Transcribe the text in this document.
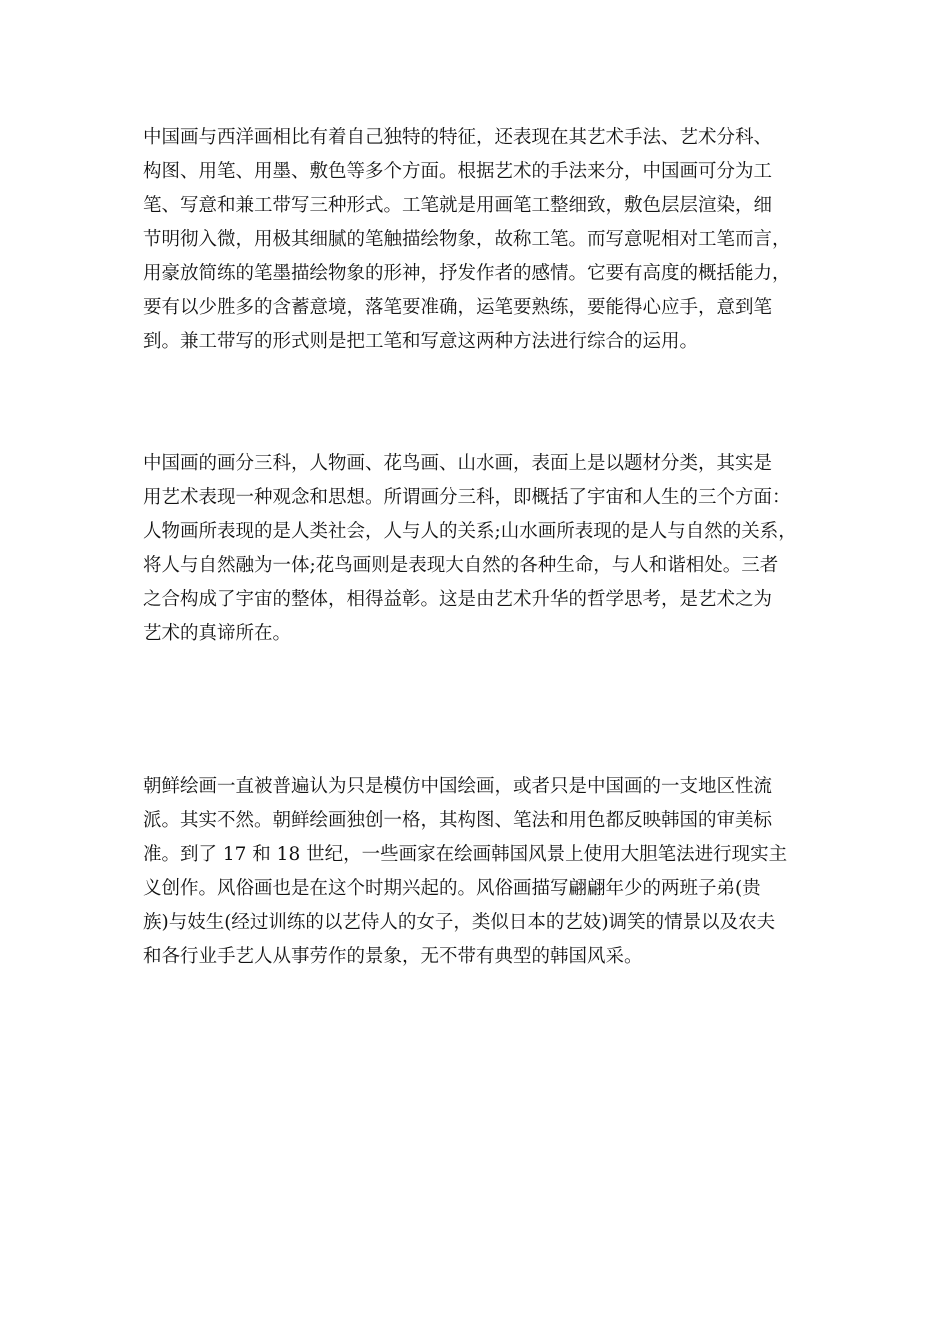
中国画与西洋画相比有着自己独特的特征，还表现在其艺术手法、艺术分科、
构图、用笔、用墨、敷色等多个方面。根据艺术的手法来分，中国画可分为工
笔、写意和兼工带写三种形式。工笔就是用画笔工整细致，敷色层层渲染，细
节明彻入微，用极其细腻的笔触描绘物象，故称工笔。而写意呢相对工笔而言，
用豪放简练的笔墨描绘物象的形神，抒发作者的感情。它要有高度的概括能力，
要有以少胜多的含蓄意境，落笔要准确，运笔要熟练，要能得心应手，意到笔
到。兼工带写的形式则是把工笔和写意这两种方法进行综合的运用。
中国画的画分三科，人物画、花鸟画、山水画，表面上是以题材分类，其实是
用艺术表现一种观念和思想。所谓画分三科，即概括了宇宙和人生的三个方面：
人物画所表现的是人类社会，人与人的关系;山水画所表现的是人与自然的关系，
将人与自然融为一体;花鸟画则是表现大自然的各种生命，与人和谐相处。三者
之合构成了宇宙的整体，相得益彰。这是由艺术升华的哲学思考，是艺术之为
艺术的真谛所在。
朝鲜绘画一直被普遍认为只是模仿中国绘画，或者只是中国画的一支地区性流
派。其实不然。朝鲜绘画独创一格，其构图、笔法和用色都反映韩国的审美标
准。到了 17 和 18 世纪，一些画家在绘画韩国风景上使用大胆笔法进行现实主
义创作。风俗画也是在这个时期兴起的。风俗画描写翩翩年少的两班子弟(贵
族)与妓生(经过训练的以艺侍人的女子，类似日本的艺妓)调笑的情景以及农夫
和各行业手艺人从事劳作的景象，无不带有典型的韩国风采。
